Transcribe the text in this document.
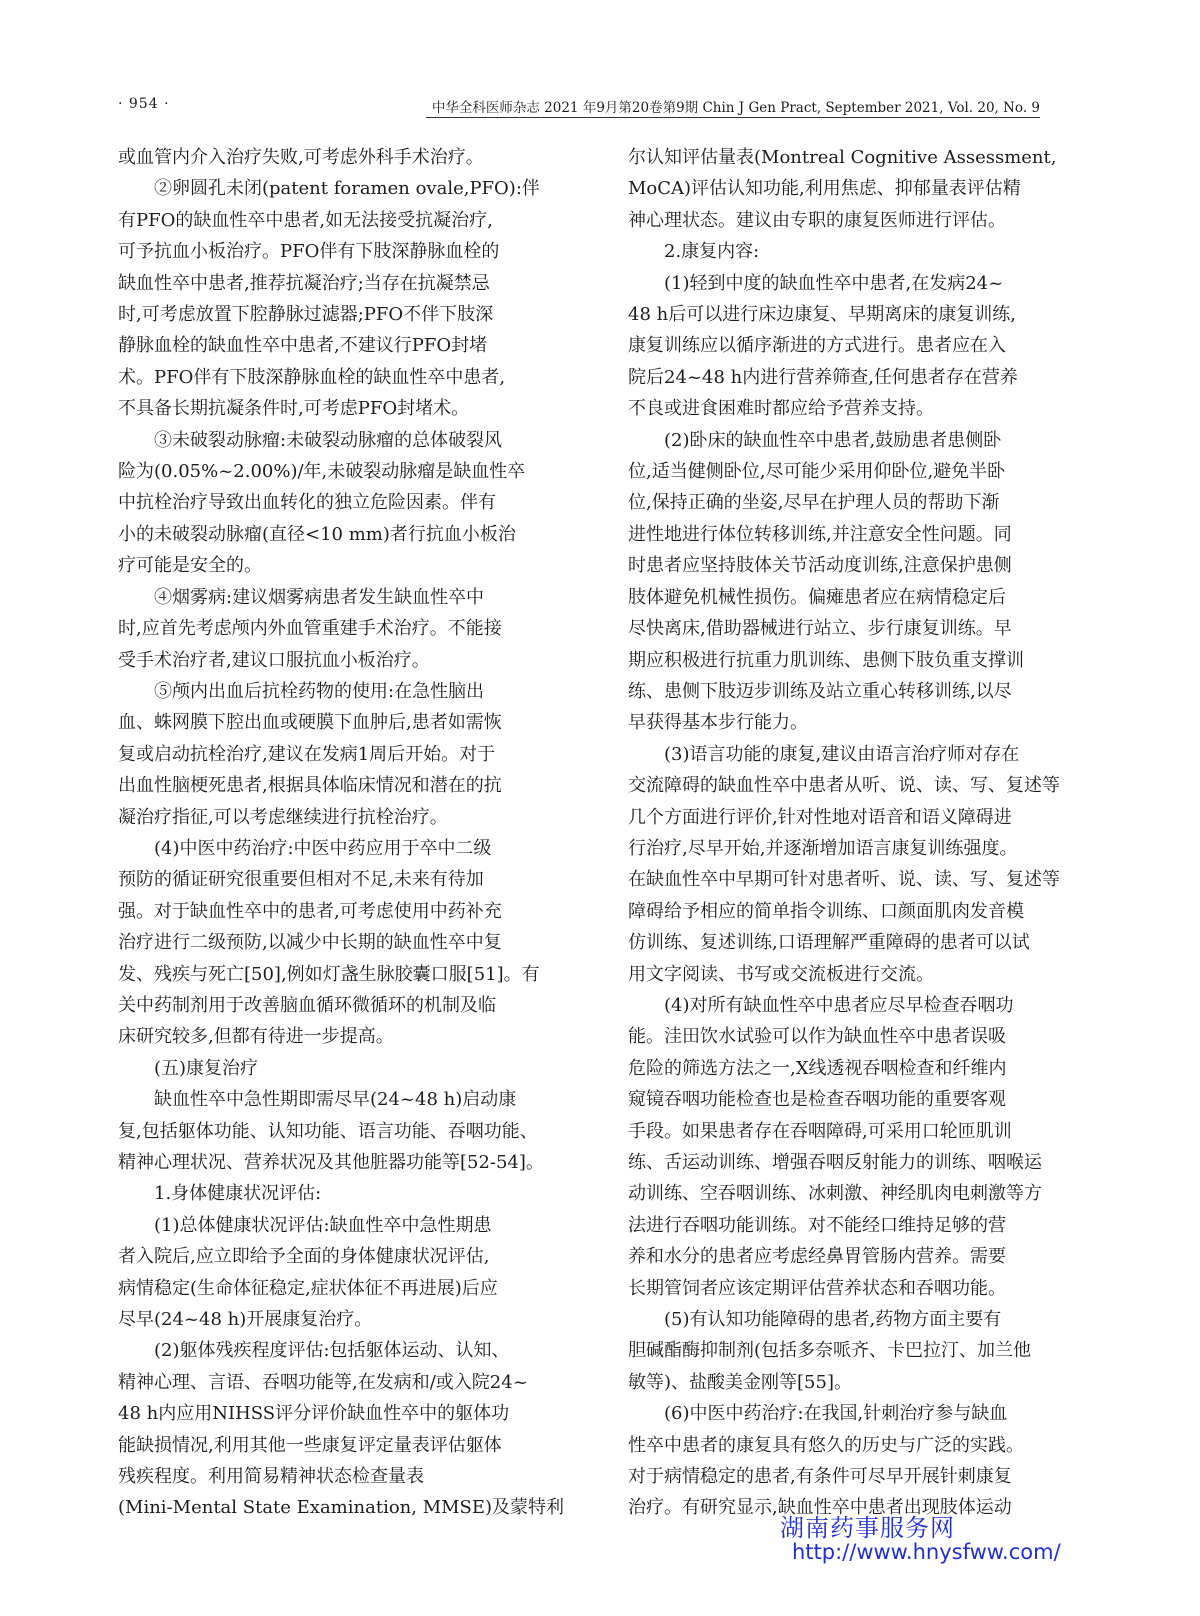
· 954 ·	中华全科医师杂志 2021 年9月第20卷第9期 Chin J Gen Pract, September 2021, Vol. 20, No. 9

或血管内介入治疗失败,可考虑外科手术治疗。

　　②卵圆孔未闭(patent foramen ovale,PFO):伴

有PFO的缺血性卒中患者,如无法接受抗凝治疗,

可予抗血小板治疗。PFO伴有下肢深静脉血栓的

缺血性卒中患者,推荐抗凝治疗;当存在抗凝禁忌

时,可考虑放置下腔静脉过滤器;PFO不伴下肢深

静脉血栓的缺血性卒中患者,不建议行PFO封堵

术。PFO伴有下肢深静脉血栓的缺血性卒中患者,

不具备长期抗凝条件时,可考虑PFO封堵术。

　　③未破裂动脉瘤:未破裂动脉瘤的总体破裂风

险为(0.05%~2.00%)/年,未破裂动脉瘤是缺血性卒

中抗栓治疗导致出血转化的独立危险因素。伴有

小的未破裂动脉瘤(直径<10 mm)者行抗血小板治

疗可能是安全的。

　　④烟雾病:建议烟雾病患者发生缺血性卒中

时,应首先考虑颅内外血管重建手术治疗。不能接

受手术治疗者,建议口服抗血小板治疗。

　　⑤颅内出血后抗栓药物的使用:在急性脑出

血、蛛网膜下腔出血或硬膜下血肿后,患者如需恢

复或启动抗栓治疗,建议在发病1周后开始。对于

出血性脑梗死患者,根据具体临床情况和潜在的抗

凝治疗指征,可以考虑继续进行抗栓治疗。

　　(4)中医中药治疗:中医中药应用于卒中二级

预防的循证研究很重要但相对不足,未来有待加

强。对于缺血性卒中的患者,可考虑使用中药补充

治疗进行二级预防,以减少中长期的缺血性卒中复

发、残疾与死亡[50],例如灯盏生脉胶囊口服[51]。有

关中药制剂用于改善脑血循环微循环的机制及临

床研究较多,但都有待进一步提高。

　　(五)康复治疗

　　缺血性卒中急性期即需尽早(24~48 h)启动康

复,包括躯体功能、认知功能、语言功能、吞咽功能、

精神心理状况、营养状况及其他脏器功能等[52-54]。

　　1.身体健康状况评估:

　　(1)总体健康状况评估:缺血性卒中急性期患

者入院后,应立即给予全面的身体健康状况评估,

病情稳定(生命体征稳定,症状体征不再进展)后应

尽早(24~48 h)开展康复治疗。

　　(2)躯体残疾程度评估:包括躯体运动、认知、

精神心理、言语、吞咽功能等,在发病和/或入院24~

48 h内应用NIHSS评分评价缺血性卒中的躯体功

能缺损情况,利用其他一些康复评定量表评估躯体

残疾程度。利用简易精神状态检查量表

(Mini-Mental State Examination, MMSE)及蒙特利

尔认知评估量表(Montreal Cognitive Assessment,

MoCA)评估认知功能,利用焦虑、抑郁量表评估精

神心理状态。建议由专职的康复医师进行评估。

　　2.康复内容:

　　(1)轻到中度的缺血性卒中患者,在发病24~

48 h后可以进行床边康复、早期离床的康复训练,

康复训练应以循序渐进的方式进行。患者应在入

院后24~48 h内进行营养筛查,任何患者存在营养

不良或进食困难时都应给予营养支持。

　　(2)卧床的缺血性卒中患者,鼓励患者患侧卧

位,适当健侧卧位,尽可能少采用仰卧位,避免半卧

位,保持正确的坐姿,尽早在护理人员的帮助下渐

进性地进行体位转移训练,并注意安全性问题。同

时患者应坚持肢体关节活动度训练,注意保护患侧

肢体避免机械性损伤。偏瘫患者应在病情稳定后

尽快离床,借助器械进行站立、步行康复训练。早

期应积极进行抗重力肌训练、患侧下肢负重支撑训

练、患侧下肢迈步训练及站立重心转移训练,以尽

早获得基本步行能力。

　　(3)语言功能的康复,建议由语言治疗师对存在

交流障碍的缺血性卒中患者从听、说、读、写、复述等

几个方面进行评价,针对性地对语音和语义障碍进

行治疗,尽早开始,并逐渐增加语言康复训练强度。

在缺血性卒中早期可针对患者听、说、读、写、复述等

障碍给予相应的简单指令训练、口颜面肌肉发音模

仿训练、复述训练,口语理解严重障碍的患者可以试

用文字阅读、书写或交流板进行交流。

　　(4)对所有缺血性卒中患者应尽早检查吞咽功

能。洼田饮水试验可以作为缺血性卒中患者误吸

危险的筛选方法之一,X线透视吞咽检查和纤维内

窥镜吞咽功能检查也是检查吞咽功能的重要客观

手段。如果患者存在吞咽障碍,可采用口轮匝肌训

练、舌运动训练、增强吞咽反射能力的训练、咽喉运

动训练、空吞咽训练、冰刺激、神经肌肉电刺激等方

法进行吞咽功能训练。对不能经口维持足够的营

养和水分的患者应考虑经鼻胃管肠内营养。需要

长期管饲者应该定期评估营养状态和吞咽功能。

　　(5)有认知功能障碍的患者,药物方面主要有

胆碱酯酶抑制剂(包括多奈哌齐、卡巴拉汀、加兰他

敏等)、盐酸美金刚等[55]。

　　(6)中医中药治疗:在我国,针刺治疗参与缺血

性卒中患者的康复具有悠久的历史与广泛的实践。

对于病情稳定的患者,有条件可尽早开展针刺康复

治疗。有研究显示,缺血性卒中患者出现肢体运动

湖南药事服务网
http://www.hnysfww.com/
